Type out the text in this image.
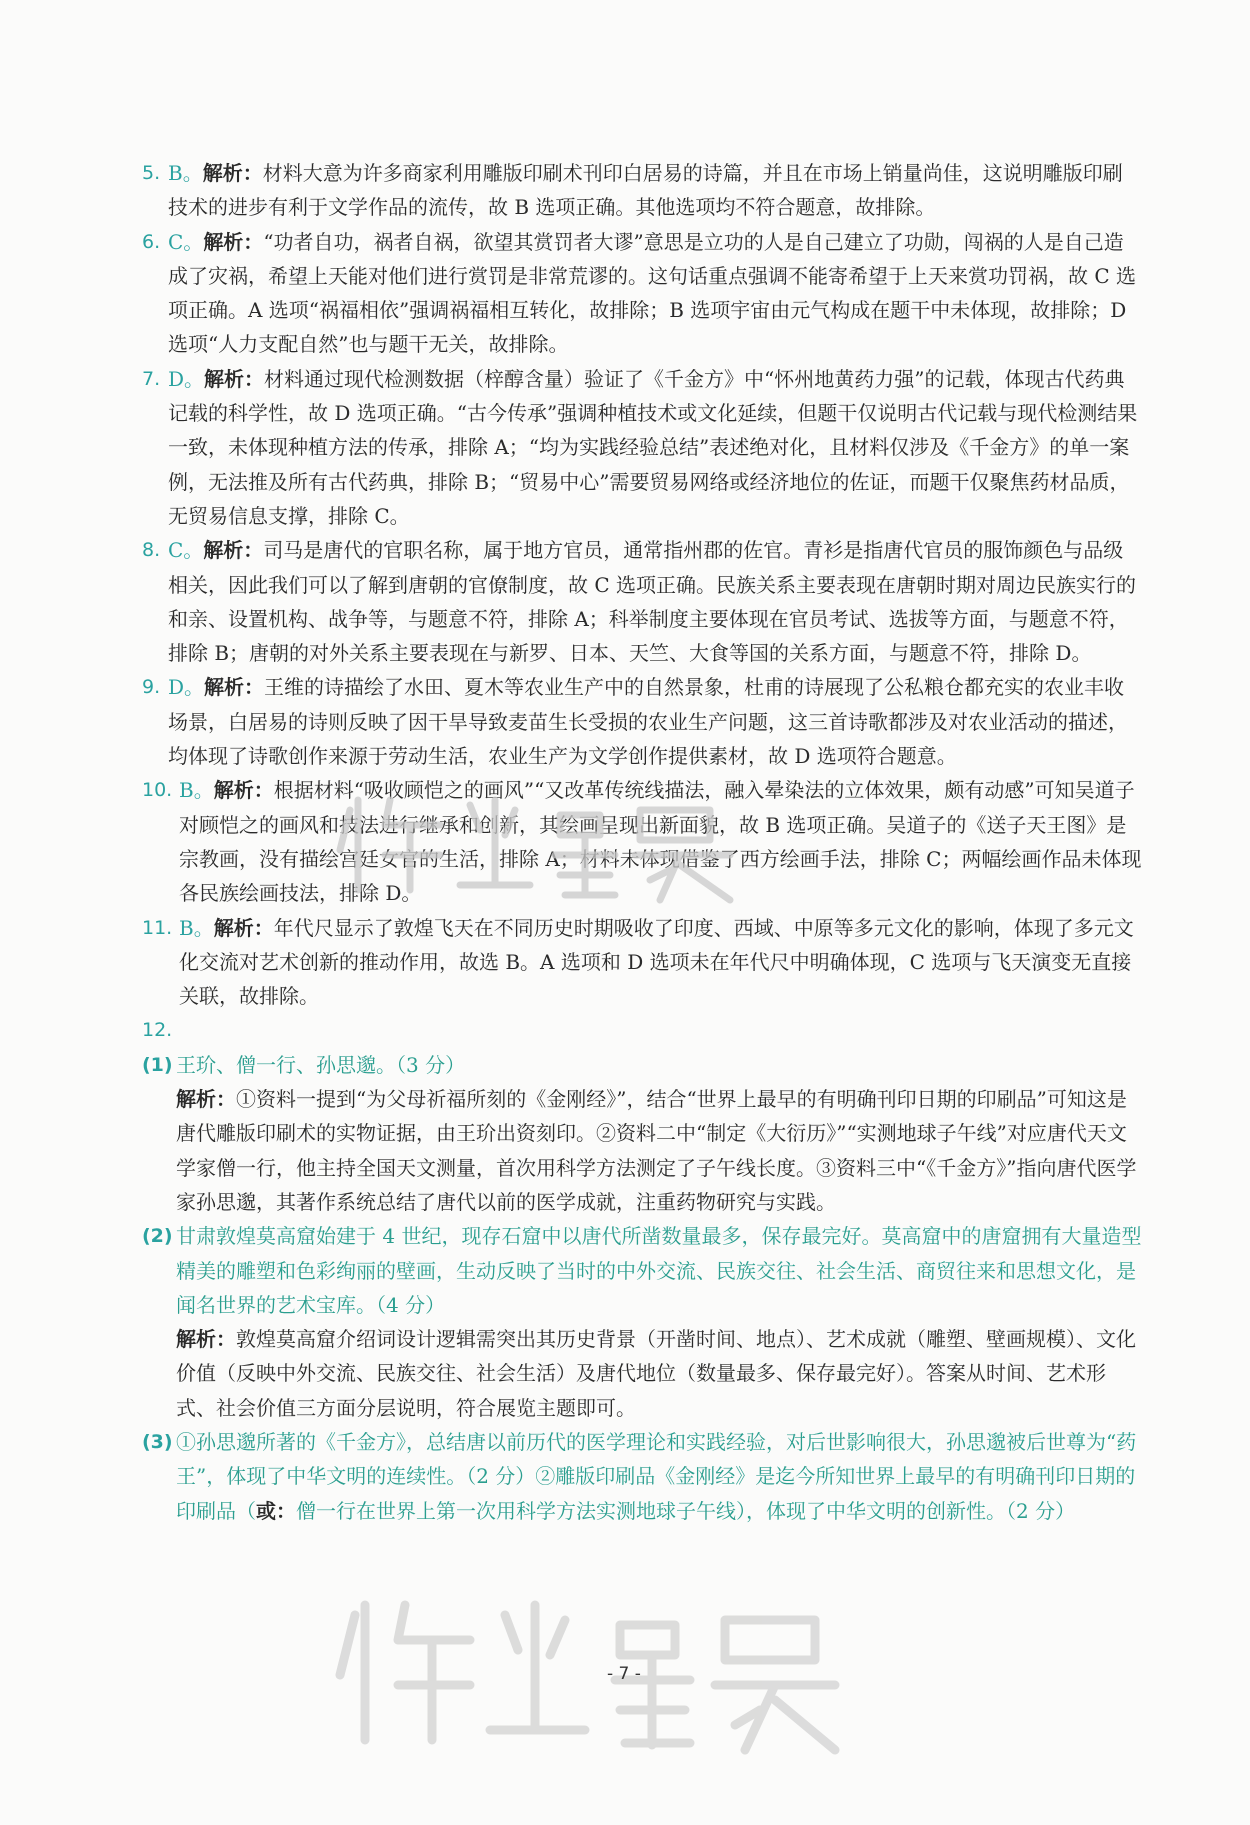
5. B。解析：材料大意为许多商家利用雕版印刷术刊印白居易的诗篇，并且在市场上销量尚佳，这说明雕版印刷技术的进步有利于文学作品的流传，故 B 选项正确。其他选项均不符合题意，故排除。

6. C。解析：“功者自功，祸者自祸，欲望其赏罚者大谬”意思是立功的人是自己建立了功勋，闯祸的人是自己造成了灾祸，希望上天能对他们进行赏罚是非常荒谬的。这句话重点强调不能寄希望于上天来赏功罚祸，故 C 选项正确。A 选项“祸福相依”强调祸福相互转化，故排除；B 选项宇宙由元气构成在题干中未体现，故排除；D 选项“人力支配自然”也与题干无关，故排除。

7. D。解析：材料通过现代检测数据（梓醇含量）验证了《千金方》中“怀州地黄药力强”的记载，体现古代药典记载的科学性，故 D 选项正确。“古今传承”强调种植技术或文化延续，但题干仅说明古代记载与现代检测结果一致，未体现种植方法的传承，排除 A；“均为实践经验总结”表述绝对化，且材料仅涉及《千金方》的单一案例，无法推及所有古代药典，排除 B；“贸易中心”需要贸易网络或经济地位的佐证，而题干仅聚焦药材品质，无贸易信息支撑，排除 C。

8. C。解析：司马是唐代的官职名称，属于地方官员，通常指州郡的佐官。青衫是指唐代官员的服饰颜色与品级相关，因此我们可以了解到唐朝的官僚制度，故 C 选项正确。民族关系主要表现在唐朝时期对周边民族实行的和亲、设置机构、战争等，与题意不符，排除 A；科举制度主要体现在官员考试、选拔等方面，与题意不符，排除 B；唐朝的对外关系主要表现在与新罗、日本、天竺、大食等国的关系方面，与题意不符，排除 D。

9. D。解析：王维的诗描绘了水田、夏木等农业生产中的自然景象，杜甫的诗展现了公私粮仓都充实的农业丰收场景，白居易的诗则反映了因干旱导致麦苗生长受损的农业生产问题，这三首诗歌都涉及对农业活动的描述，均体现了诗歌创作来源于劳动生活，农业生产为文学创作提供素材，故 D 选项符合题意。

10. B。解析：根据材料“吸收顾恺之的画风”“又改革传统线描法，融入晕染法的立体效果，颇有动感”可知吴道子对顾恺之的画风和技法进行继承和创新，其绘画呈现出新面貌，故 B 选项正确。吴道子的《送子天王图》是宗教画，没有描绘宫廷女官的生活，排除 A；材料未体现借鉴了西方绘画手法，排除 C；两幅绘画作品未体现各民族绘画技法，排除 D。

11. B。解析：年代尺显示了敦煌飞天在不同历史时期吸收了印度、西域、中原等多元文化的影响，体现了多元文化交流对艺术创新的推动作用，故选 B。A 选项和 D 选项未在年代尺中明确体现，C 选项与飞天演变无直接关联，故排除。

12.

(1) 王玠、僧一行、孙思邈。（3 分）

解析：①资料一提到“为父母祈福所刻的《金刚经》”，结合“世界上最早的有明确刊印日期的印刷品”可知这是唐代雕版印刷术的实物证据，由王玠出资刻印。②资料二中“制定《大衍历》”“实测地球子午线”对应唐代天文学家僧一行，他主持全国天文测量，首次用科学方法测定了子午线长度。③资料三中“《千金方》”指向唐代医学家孙思邈，其著作系统总结了唐代以前的医学成就，注重药物研究与实践。

(2) 甘肃敦煌莫高窟始建于 4 世纪，现存石窟中以唐代所凿数量最多，保存最完好。莫高窟中的唐窟拥有大量造型精美的雕塑和色彩绚丽的壁画，生动反映了当时的中外交流、民族交往、社会生活、商贸往来和思想文化，是闻名世界的艺术宝库。（4 分）

解析：敦煌莫高窟介绍词设计逻辑需突出其历史背景（开凿时间、地点）、艺术成就（雕塑、壁画规模）、文化价值（反映中外交流、民族交往、社会生活）及唐代地位（数量最多、保存最完好）。答案从时间、艺术形式、社会价值三方面分层说明，符合展览主题即可。

(3) ①孙思邈所著的《千金方》，总结唐以前历代的医学理论和实践经验，对后世影响很大，孙思邈被后世尊为“药王”，体现了中华文明的连续性。（2 分）②雕版印刷品《金刚经》是迄今所知世界上最早的有明确刊印日期的印刷品（或：僧一行在世界上第一次用科学方法实测地球子午线），体现了中华文明的创新性。（2 分）

- 7 -
